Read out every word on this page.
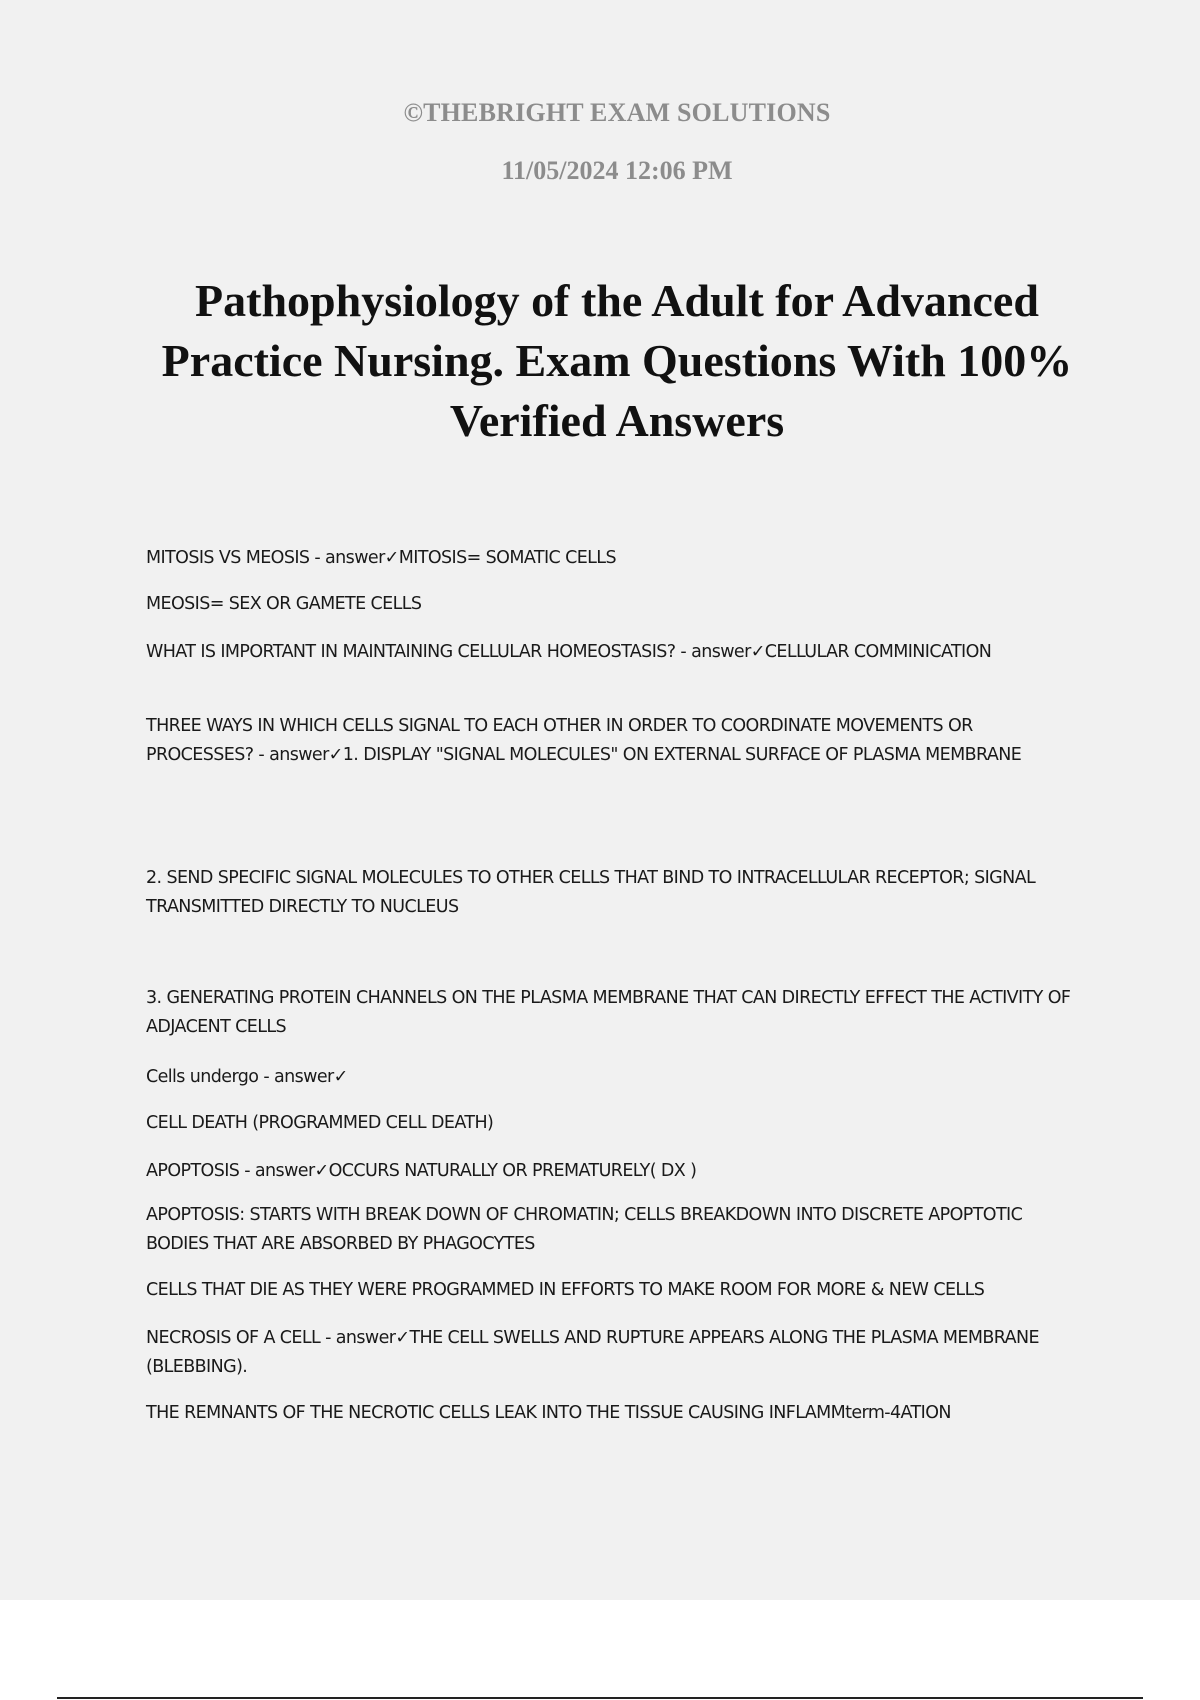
©THEBRIGHT EXAM SOLUTIONS
11/05/2024 12:06 PM
Pathophysiology of the Adult for Advanced Practice Nursing. Exam Questions With 100% Verified Answers

MITOSIS VS MEOSIS - answer✓MITOSIS= SOMATIC CELLS

MEOSIS= SEX OR GAMETE CELLS

WHAT IS IMPORTANT IN MAINTAINING CELLULAR HOMEOSTASIS? - answer✓CELLULAR COMMINICATION

THREE WAYS IN WHICH CELLS SIGNAL TO EACH OTHER IN ORDER TO COORDINATE MOVEMENTS OR PROCESSES? - answer✓1. DISPLAY "SIGNAL MOLECULES" ON EXTERNAL SURFACE OF PLASMA MEMBRANE

2. SEND SPECIFIC SIGNAL MOLECULES TO OTHER CELLS THAT BIND TO INTRACELLULAR RECEPTOR; SIGNAL TRANSMITTED DIRECTLY TO NUCLEUS

3. GENERATING PROTEIN CHANNELS ON THE PLASMA MEMBRANE THAT CAN DIRECTLY EFFECT THE ACTIVITY OF ADJACENT CELLS

Cells undergo - answer✓

CELL DEATH (PROGRAMMED CELL DEATH)

APOPTOSIS - answer✓OCCURS NATURALLY OR PREMATURELY( DX )

APOPTOSIS: STARTS WITH BREAK DOWN OF CHROMATIN; CELLS BREAKDOWN INTO DISCRETE APOPTOTIC BODIES THAT ARE ABSORBED BY PHAGOCYTES

CELLS THAT DIE AS THEY WERE PROGRAMMED IN EFFORTS TO MAKE ROOM FOR MORE & NEW CELLS

NECROSIS OF A CELL - answer✓THE CELL SWELLS AND RUPTURE APPEARS ALONG THE PLASMA MEMBRANE (BLEBBING).

THE REMNANTS OF THE NECROTIC CELLS LEAK INTO THE TISSUE CAUSING INFLAMMterm-4ATION
